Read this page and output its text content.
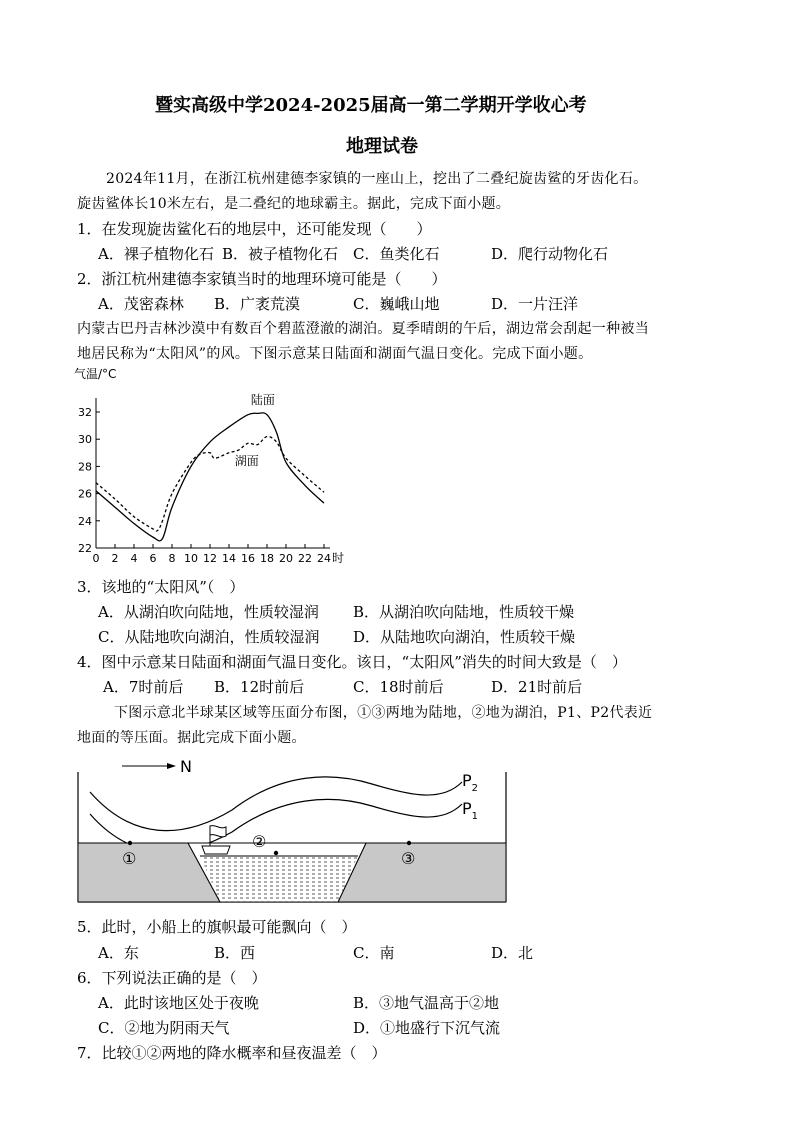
暨实高级中学2024-2025届高一第二学期开学收心考
地理试卷
2024年11月，在浙江杭州建德李家镇的一座山上，挖出了二叠纪旋齿鲨的牙齿化石。
旋齿鲨体长10米左右，是二叠纪的地球霸主。据此，完成下面小题。
1．在发现旋齿鲨化石的地层中，还可能发现（　　）
A．裸子植物化石 B．被子植物化石 C．鱼类化石	D．爬行动物化石
2．浙江杭州建德李家镇当时的地理环境可能是（　　）
A．茂密森林 B．广袤荒漠	C．巍峨山地	D．一片汪洋
内蒙古巴丹吉林沙漠中有数百个碧蓝澄澈的湖泊。夏季晴朗的午后，湖边常会刮起一种被当
地居民称为“太阳风”的风。下图示意某日陆面和湖面气温日变化。完成下面小题。
22
24
26
28
30
32
0 2 4 6 8 10 12 14 16 18 20 22 24
气温/°C
时
陆面
湖面
3．该地的“太阳风”（　）
A．从湖泊吹向陆地，性质较湿润 B．从湖泊吹向陆地，性质较干燥
C．从陆地吹向湖泊，性质较湿润 D．从陆地吹向湖泊，性质较干燥
4．图中示意某日陆面和湖面气温日变化。该日，“太阳风”消失的时间大致是（　）
A．7时前后 B．12时前后	C．18时前后	D．21时前后
下图示意北半球某区域等压面分布图，①③两地为陆地，②地为湖泊，P1、P2代表近
地面的等压面。据此完成下面小题。
N
$P_2$
$P_1$
①
②
③
5．此时，小船上的旗帜最可能飘向（　）
A．东	B．西	C．南	D．北
6．下列说法正确的是（　）
A．此时该地区处于夜晚	B．③地气温高于②地
C．②地为阴雨天气	D．①地盛行下沉气流
7．比较①②两地的降水概率和昼夜温差（　）
